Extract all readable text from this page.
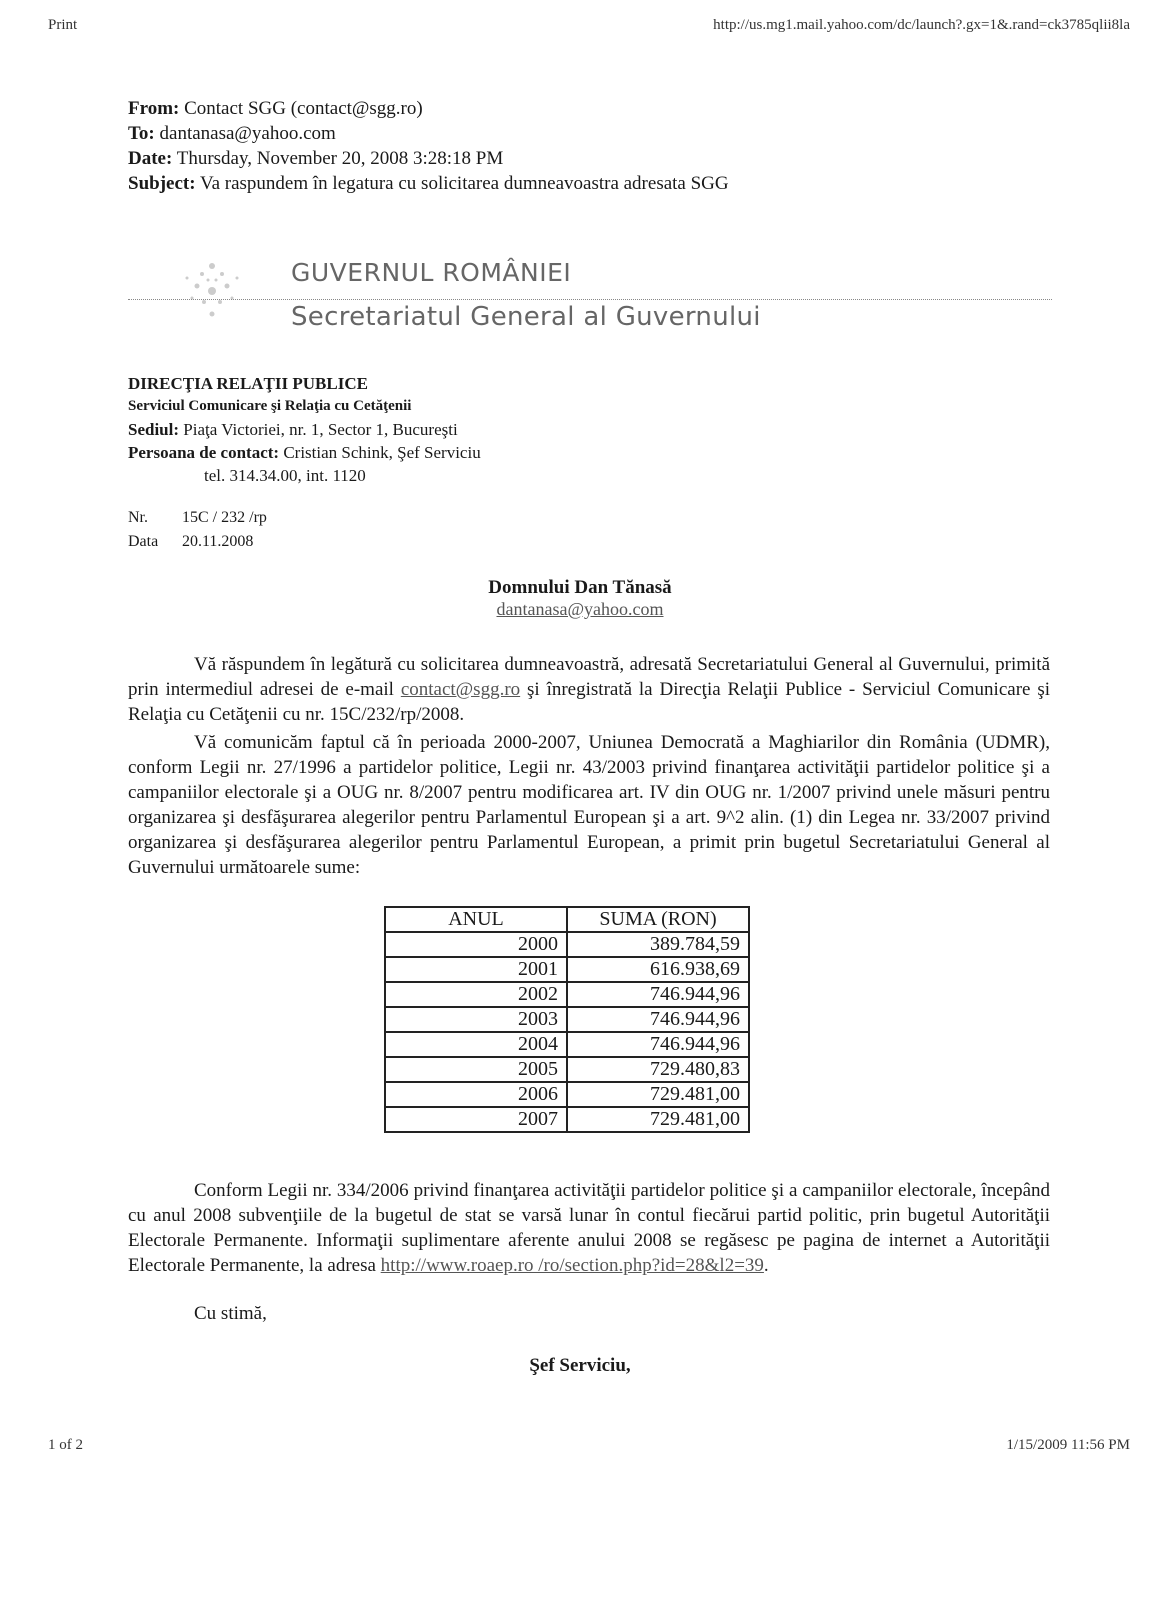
Print	http://us.mg1.mail.yahoo.com/dc/launch?.gx=1&.rand=ck3785qlii8la
From: Contact SGG (contact@sgg.ro)
To: dantanasa@yahoo.com
Date: Thursday, November 20, 2008 3:28:18 PM
Subject: Va raspundem în legatura cu solicitarea dumneavoastra adresata SGG
GUVERNUL ROMÂNIEI
Secretariatul General al Guvernului
DIRECŢIA RELAŢII PUBLICE
Serviciul Comunicare şi Relaţia cu Cetăţenii
Sediul: Piaţa Victoriei, nr. 1, Sector 1, Bucureşti
Persoana de contact: Cristian Schink, Şef Serviciu
tel. 314.34.00, int. 1120
Nr. 15C / 232 /rp
Data 20.11.2008
Domnului Dan Tănasă
dantanasa@yahoo.com
Vă răspundem în legătură cu solicitarea dumneavoastră, adresată Secretariatului General al Guvernului, primită prin intermediul adresei de e-mail contact@sgg.ro şi înregistrată la Direcţia Relaţii Publice - Serviciul Comunicare şi Relaţia cu Cetăţenii cu nr. 15C/232/rp/2008.
Vă comunicăm faptul că în perioada 2000-2007, Uniunea Democrată a Maghiarilor din România (UDMR), conform Legii nr. 27/1996 a partidelor politice, Legii nr. 43/2003 privind finanţarea activităţii partidelor politice şi a campaniilor electorale şi a OUG nr. 8/2007 pentru modificarea art. IV din OUG nr. 1/2007 privind unele măsuri pentru organizarea şi desfăşurarea alegerilor pentru Parlamentul European şi a art. 9^2 alin. (1) din Legea nr. 33/2007 privind organizarea şi desfăşurarea alegerilor pentru Parlamentul European, a primit prin bugetul Secretariatului General al Guvernului următoarele sume:
ANUL	SUMA (RON)
2000	389.784,59
2001	616.938,69
2002	746.944,96
2003	746.944,96
2004	746.944,96
2005	729.480,83
2006	729.481,00
2007	729.481,00
Conform Legii nr. 334/2006 privind finanţarea activităţii partidelor politice şi a campaniilor electorale, începând cu anul 2008 subvenţiile de la bugetul de stat se varsă lunar în contul fiecărui partid politic, prin bugetul Autorităţii Electorale Permanente. Informaţii suplimentare aferente anului 2008 se regăsesc pe pagina de internet a Autorităţii Electorale Permanente, la adresa http://www.roaep.ro /ro/section.php?id=28&l2=39.
Cu stimă,
Şef Serviciu,
1 of 2	1/15/2009 11:56 PM
